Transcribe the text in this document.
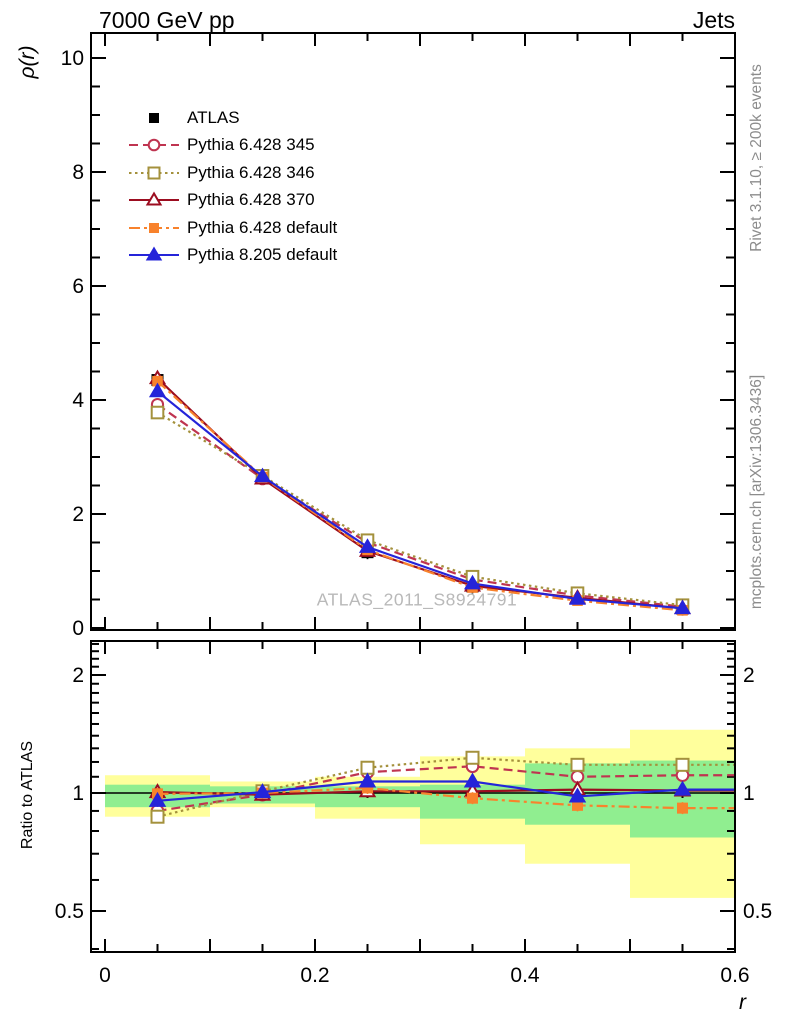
0	0.2	0.4	0.6
0
2
4
6
8
10
0.5	0.5
1	1
2	2
7000 GeV pp	Jets
ρ(r)
Ratio to ATLAS
Rivet 3.1.10, ≥ 200k events
mcplots.cern.ch [arXiv:1306.3436]
ATLAS_2011_S8924791
r
ATLAS
Pythia 6.428 345
Pythia 6.428 346
Pythia 6.428 370
Pythia 6.428 default
Pythia 8.205 default
